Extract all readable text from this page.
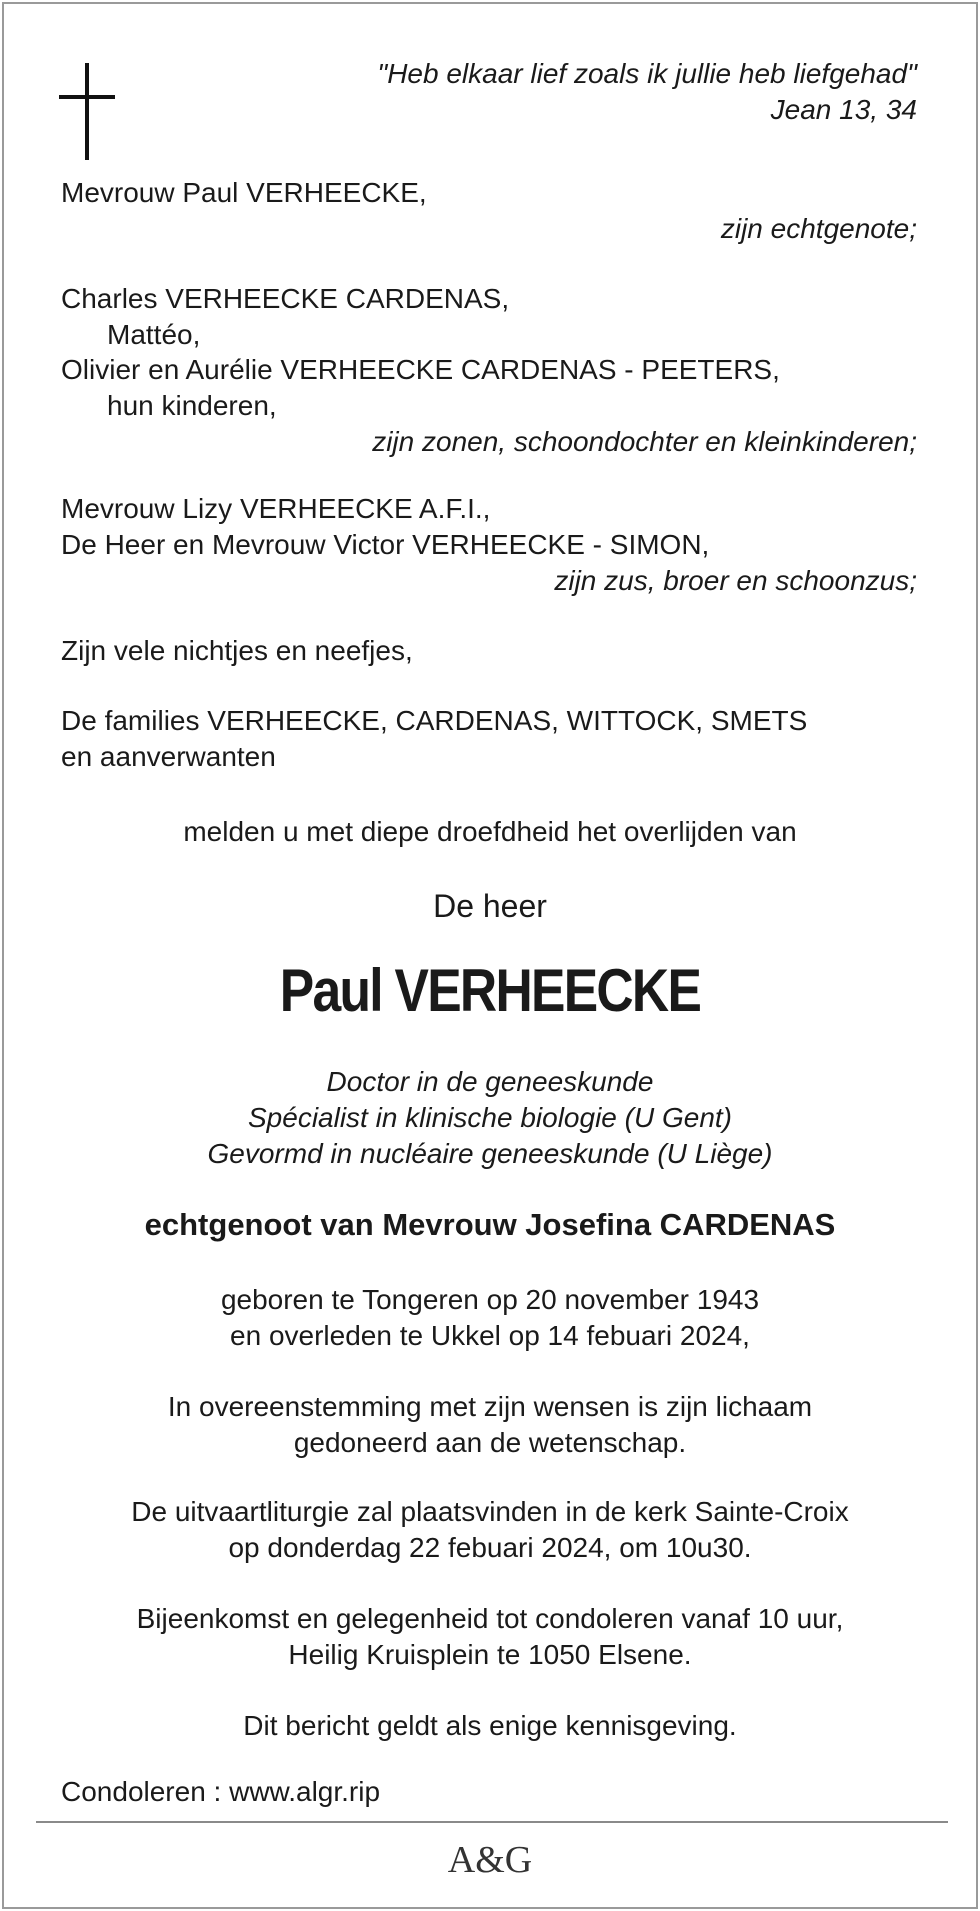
"Heb elkaar lief zoals ik jullie heb liefgehad"
Jean 13, 34
Mevrouw Paul VERHEECKE,
zijn echtgenote;
Charles VERHEECKE CARDENAS,
Mattéo,
Olivier en Aurélie VERHEECKE CARDENAS - PEETERS,
hun kinderen,
zijn zonen, schoondochter en kleinkinderen;
Mevrouw Lizy VERHEECKE A.F.I.,
De Heer en Mevrouw Victor VERHEECKE - SIMON,
zijn zus, broer en schoonzus;
Zijn vele nichtjes en neefjes,
De families VERHEECKE, CARDENAS, WITTOCK, SMETS
en aanverwanten
melden u met diepe droefdheid het overlijden van
De heer
Paul VERHEECKE
Doctor in de geneeskunde
Spécialist in klinische biologie (U Gent)
Gevormd in nucléaire geneeskunde (U Liège)
echtgenoot van Mevrouw Josefina CARDENAS
geboren te Tongeren op 20 november 1943
en overleden te Ukkel op 14 febuari 2024,
In overeenstemming met zijn wensen is zijn lichaam
gedoneerd aan de wetenschap.
De uitvaartliturgie zal plaatsvinden in de kerk Sainte-Croix
op donderdag 22 febuari 2024, om 10u30.
Bijeenkomst en gelegenheid tot condoleren vanaf 10 uur,
Heilig Kruisplein te 1050 Elsene.
Dit bericht geldt als enige kennisgeving.
Condoleren : www.algr.rip
A&G
